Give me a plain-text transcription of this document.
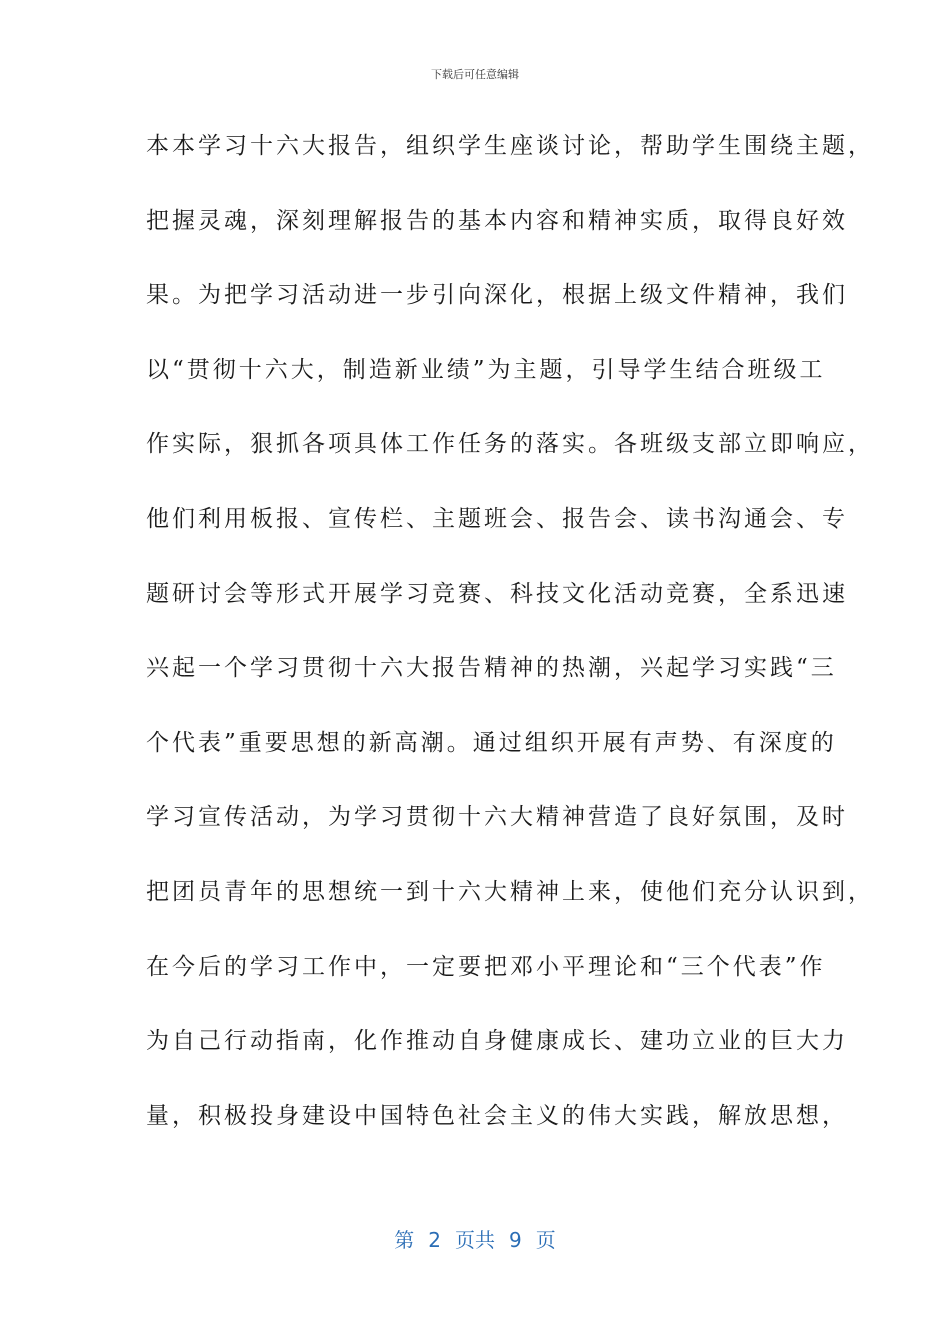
下载后可任意编辑
本本学习十六大报告，组织学生座谈讨论，帮助学生围绕主题，
把握灵魂，深刻理解报告的基本内容和精神实质，取得良好效
果。为把学习活动进一步引向深化，根据上级文件精神，我们
以“贯彻十六大，制造新业绩”为主题，引导学生结合班级工
作实际，狠抓各项具体工作任务的落实。各班级支部立即响应，
他们利用板报、宣传栏、主题班会、报告会、读书沟通会、专
题研讨会等形式开展学习竞赛、科技文化活动竞赛，全系迅速
兴起一个学习贯彻十六大报告精神的热潮，兴起学习实践“三
个代表”重要思想的新高潮。通过组织开展有声势、有深度的
学习宣传活动，为学习贯彻十六大精神营造了良好氛围，及时
把团员青年的思想统一到十六大精神上来，使他们充分认识到，
在今后的学习工作中，一定要把邓小平理论和“三个代表”作
为自己行动指南，化作推动自身健康成长、建功立业的巨大力
量，积极投身建设中国特色社会主义的伟大实践，解放思想，
第 2 页共 9 页
